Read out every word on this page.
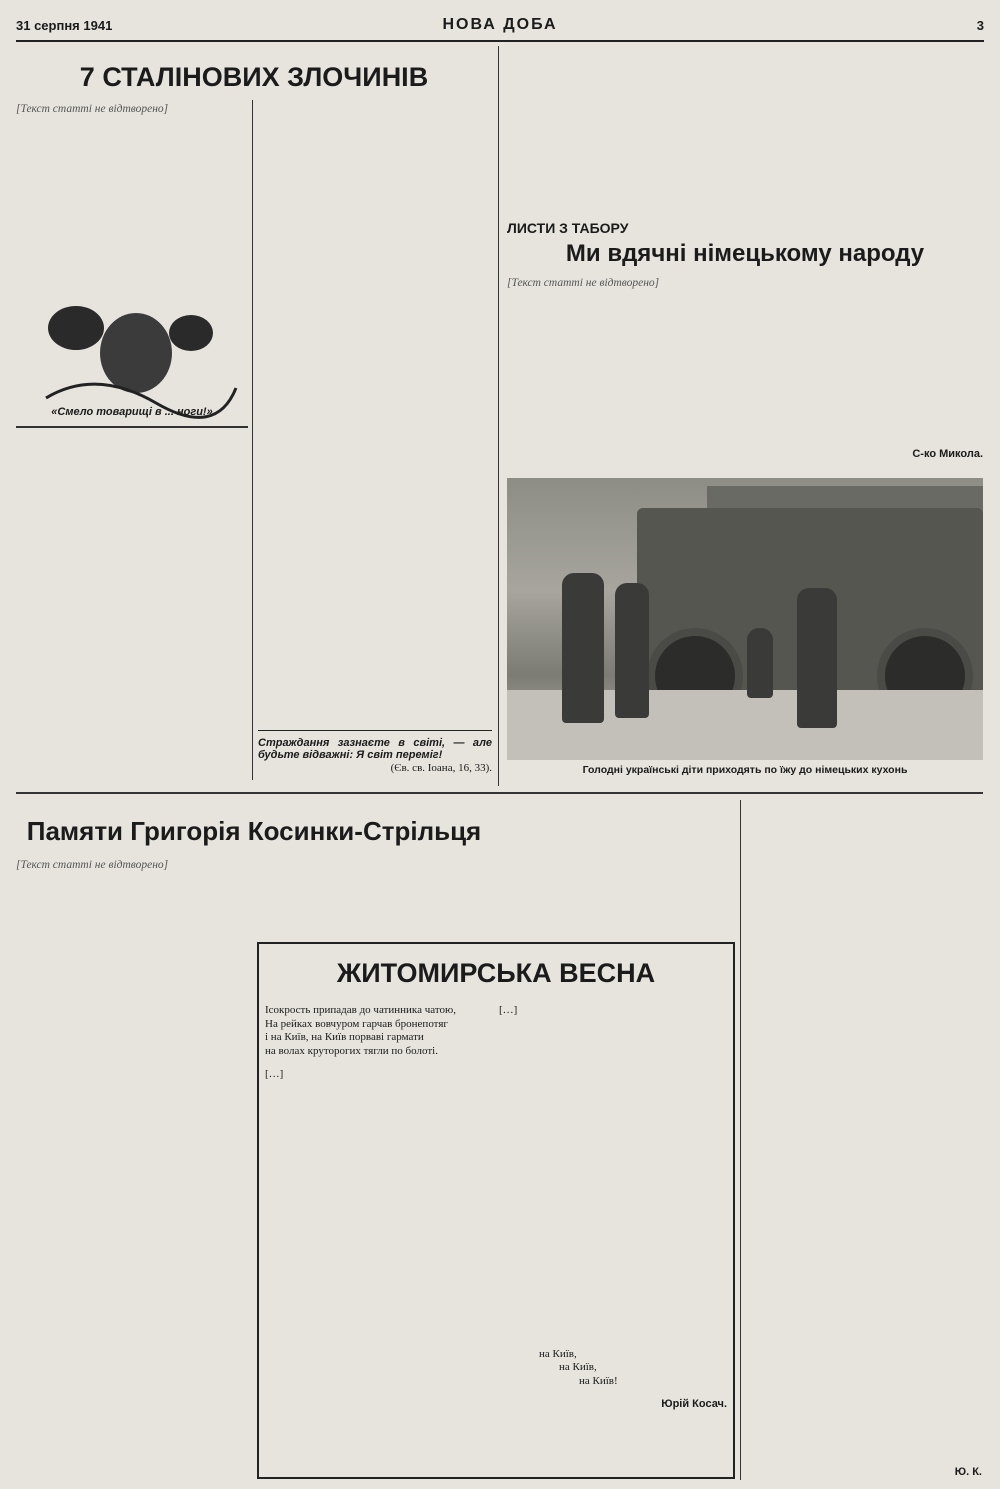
31 серпня 1941	НОВА ДОБА	3
7 СТАЛІНОВИХ ЗЛОЧИНІВ
[Текст статті не відтворено]
«Смело товарищі в ... ноги!»
Страждання зазнаєте в світі, — але будьте відважні: Я світ переміг!
(Єв. св. Іоана, 16, 33).
ЛИСТИ З ТАБОРУ
Ми вдячні німецькому народу
[Текст статті не відтворено]
С-ко Микола.
Голодні українські діти приходять по їжу до німецьких кухонь
Памяти Григорія Косинки-Стрільця
[Текст статті не відтворено]
Ю. К.
ЖИТОМИРСЬКА ВЕСНА
Ісокрость припадав до чатинника чатою,
На рейках вовчуром гарчав бронепотяг
і на Київ, на Київ порваві гармати
на волах круторогих тягли по болоті.
[…]
[…]
на Київ,
на Київ,
на Київ!
Юрій Косач.
